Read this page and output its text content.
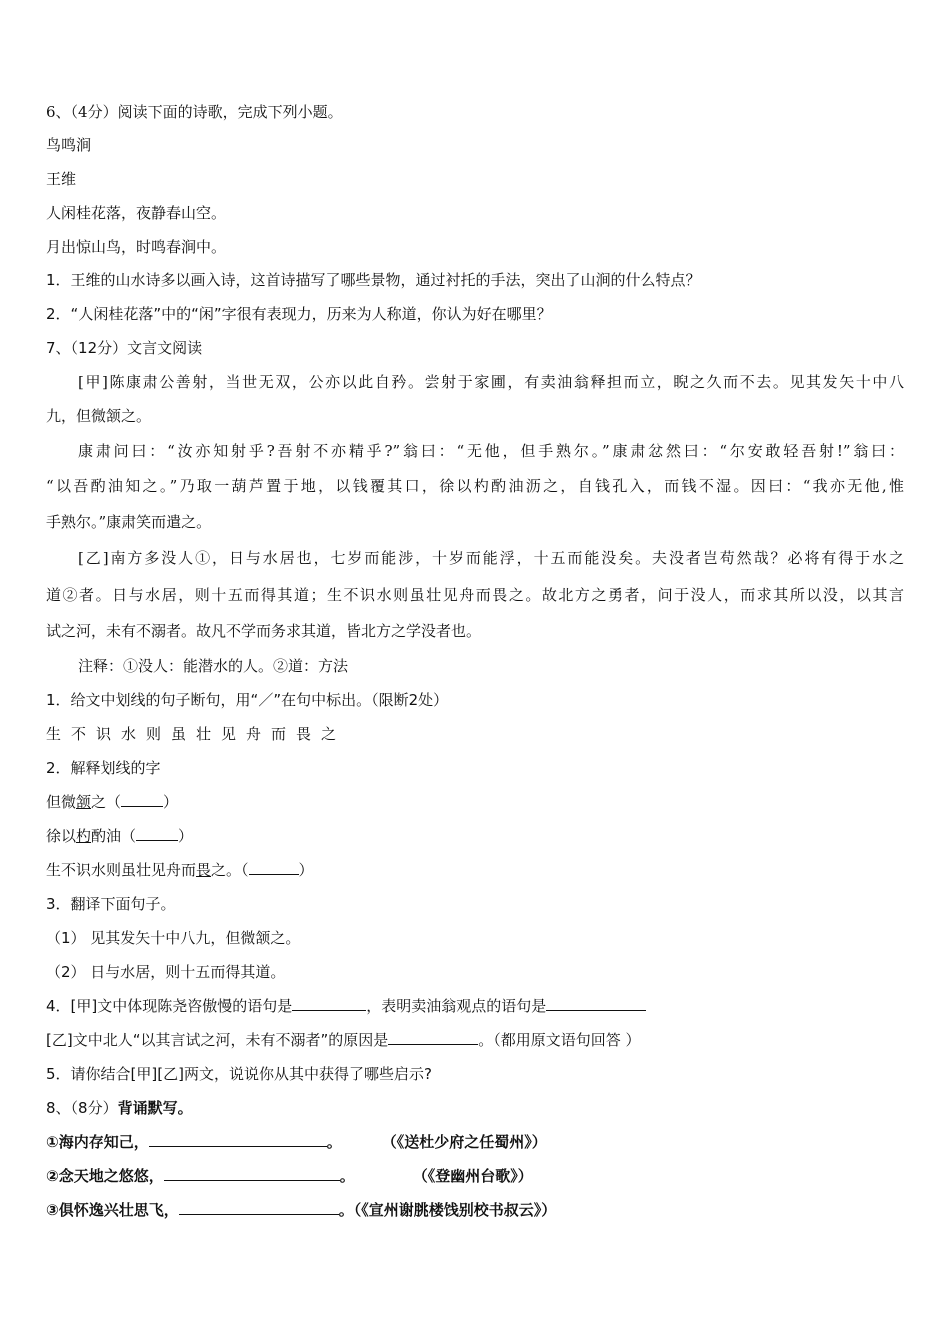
6、（4分）阅读下面的诗歌，完成下列小题。
鸟鸣涧
王维
人闲桂花落，夜静春山空。
月出惊山鸟，时鸣春涧中。
1．王维的山水诗多以画入诗，这首诗描写了哪些景物，通过衬托的手法，突出了山涧的什么特点？
2．“人闲桂花落”中的“闲”字很有表现力，历来为人称道，你认为好在哪里？
7、（12分）文言文阅读
[甲]陈康肃公善射，当世无双，公亦以此自矜。尝射于家圃，有卖油翁释担而立，睨之久而不去。见其发矢十中八
九，但微颔之。
康肃问曰：“汝亦知射乎?吾射不亦精乎?”翁曰：“无他，但手熟尔。”康肃忿然曰：“尔安敢轻吾射!”翁曰：
“以吾酌油知之。”乃取一葫芦置于地，以钱覆其口，徐以杓酌油沥之，自钱孔入，而钱不湿。因曰：“我亦无他,惟
手熟尔。”康肃笑而遣之。
[乙]南方多没人①，日与水居也，七岁而能涉，十岁而能浮，十五而能没矣。夫没者岂苟然哉？必将有得于水之
道②者。日与水居，则十五而得其道；生不识水则虽壮见舟而畏之。故北方之勇者，问于没人，而求其所以没，以其言
试之河，未有不溺者。故凡不学而务求其道，皆北方之学没者也。
注释：①没人：能潜水的人。②道：方法
1．给文中划线的句子断句，用“／”在句中标出。（限断2处）
生不识水则虽壮见舟而畏之
2．解释划线的字
但微颔之（	）
徐以杓酌油（	）
生不识水则虽壮见舟而畏之。（	）
3．翻译下面句子。
（1） 见其发矢十中八九，但微颔之。
（2） 日与水居，则十五而得其道。
4．[甲]文中体现陈尧咨傲慢的语句是	，表明卖油翁观点的语句是
[乙]文中北人“以其言试之河，未有不溺者”的原因是	。（都用原文语句回答 ）
5．请你结合[甲][乙]两文，说说你从其中获得了哪些启示?
8、（8分）背诵默写。
①海内存知己，	。	（《送杜少府之任蜀州》）
②念天地之悠悠，	。	（《登幽州台歌》）
③俱怀逸兴壮思飞，	。（《宣州谢朓楼饯别校书叔云》）
